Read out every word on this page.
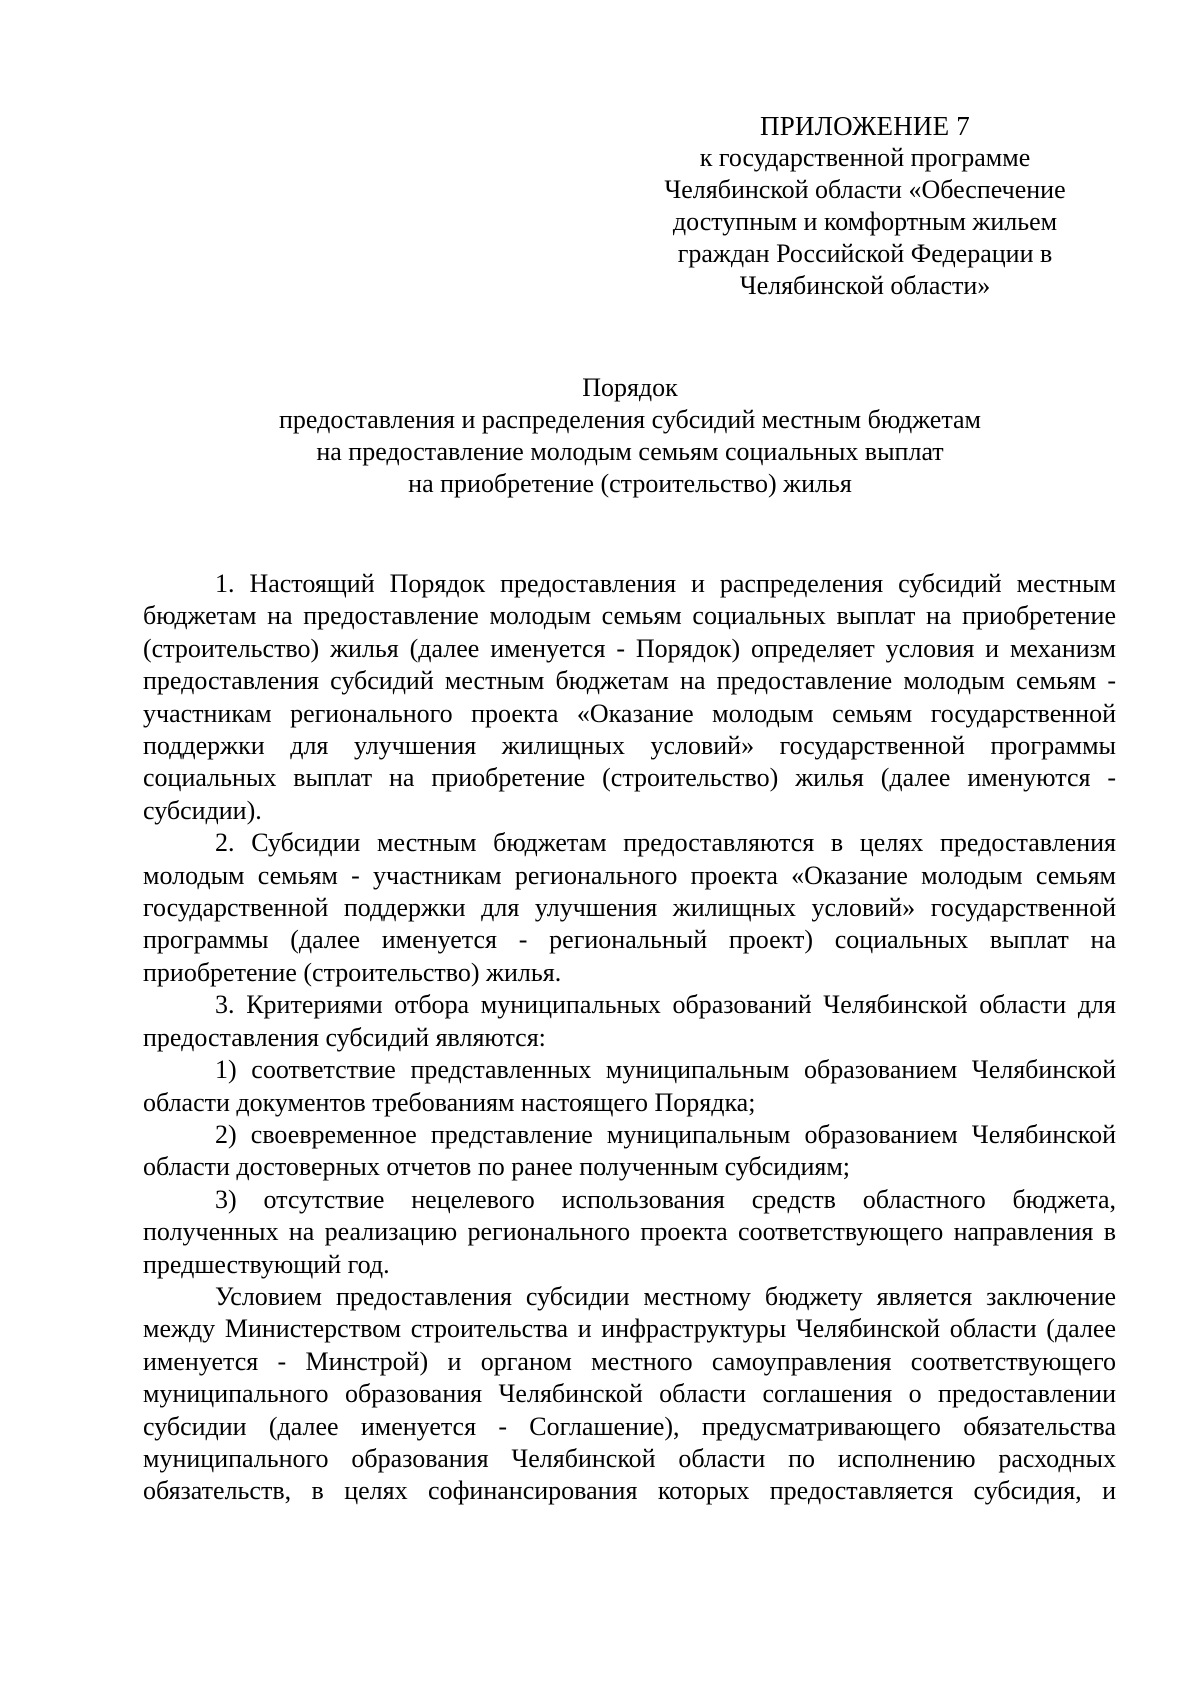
ПРИЛОЖЕНИЕ 7
к государственной программе
Челябинской области «Обеспечение
доступным и комфортным жильем
граждан Российской Федерации в
Челябинской области»
Порядок
предоставления и распределения субсидий местным бюджетам
на предоставление молодым семьям социальных выплат
на приобретение (строительство) жилья

1. Настоящий Порядок предоставления и распределения субсидий местным бюджетам на предоставление молодым семьям социальных выплат на приобретение (строительство) жилья (далее именуется - Порядок) определяет условия и механизм предоставления субсидий местным бюджетам на предоставление молодым семьям - участникам регионального проекта «Оказание молодым семьям государственной поддержки для улучшения жилищных условий» государственной программы социальных выплат на приобретение (строительство) жилья (далее именуются - субсидии).

2. Субсидии местным бюджетам предоставляются в целях предоставления молодым семьям - участникам регионального проекта «Оказание молодым семьям государственной поддержки для улучшения жилищных условий» государственной программы (далее именуется - региональный проект) социальных выплат на приобретение (строительство) жилья.

3. Критериями отбора муниципальных образований Челябинской области для предоставления субсидий являются:

1) соответствие представленных муниципальным образованием Челябинской области документов требованиям настоящего Порядка;

2) своевременное представление муниципальным образованием Челябинской области достоверных отчетов по ранее полученным субсидиям;

3) отсутствие нецелевого использования средств областного бюджета, полученных на реализацию регионального проекта соответствующего направления в предшествующий год.

Условием предоставления субсидии местному бюджету является заключение между Министерством строительства и инфраструктуры Челябинской области (далее именуется - Минстрой) и органом местного самоуправления соответствующего муниципального образования Челябинской области соглашения о предоставлении субсидии (далее именуется - Соглашение), предусматривающего обязательства муниципального образования Челябинской области по исполнению расходных обязательств, в целях софинансирования которых предоставляется субсидия, и
